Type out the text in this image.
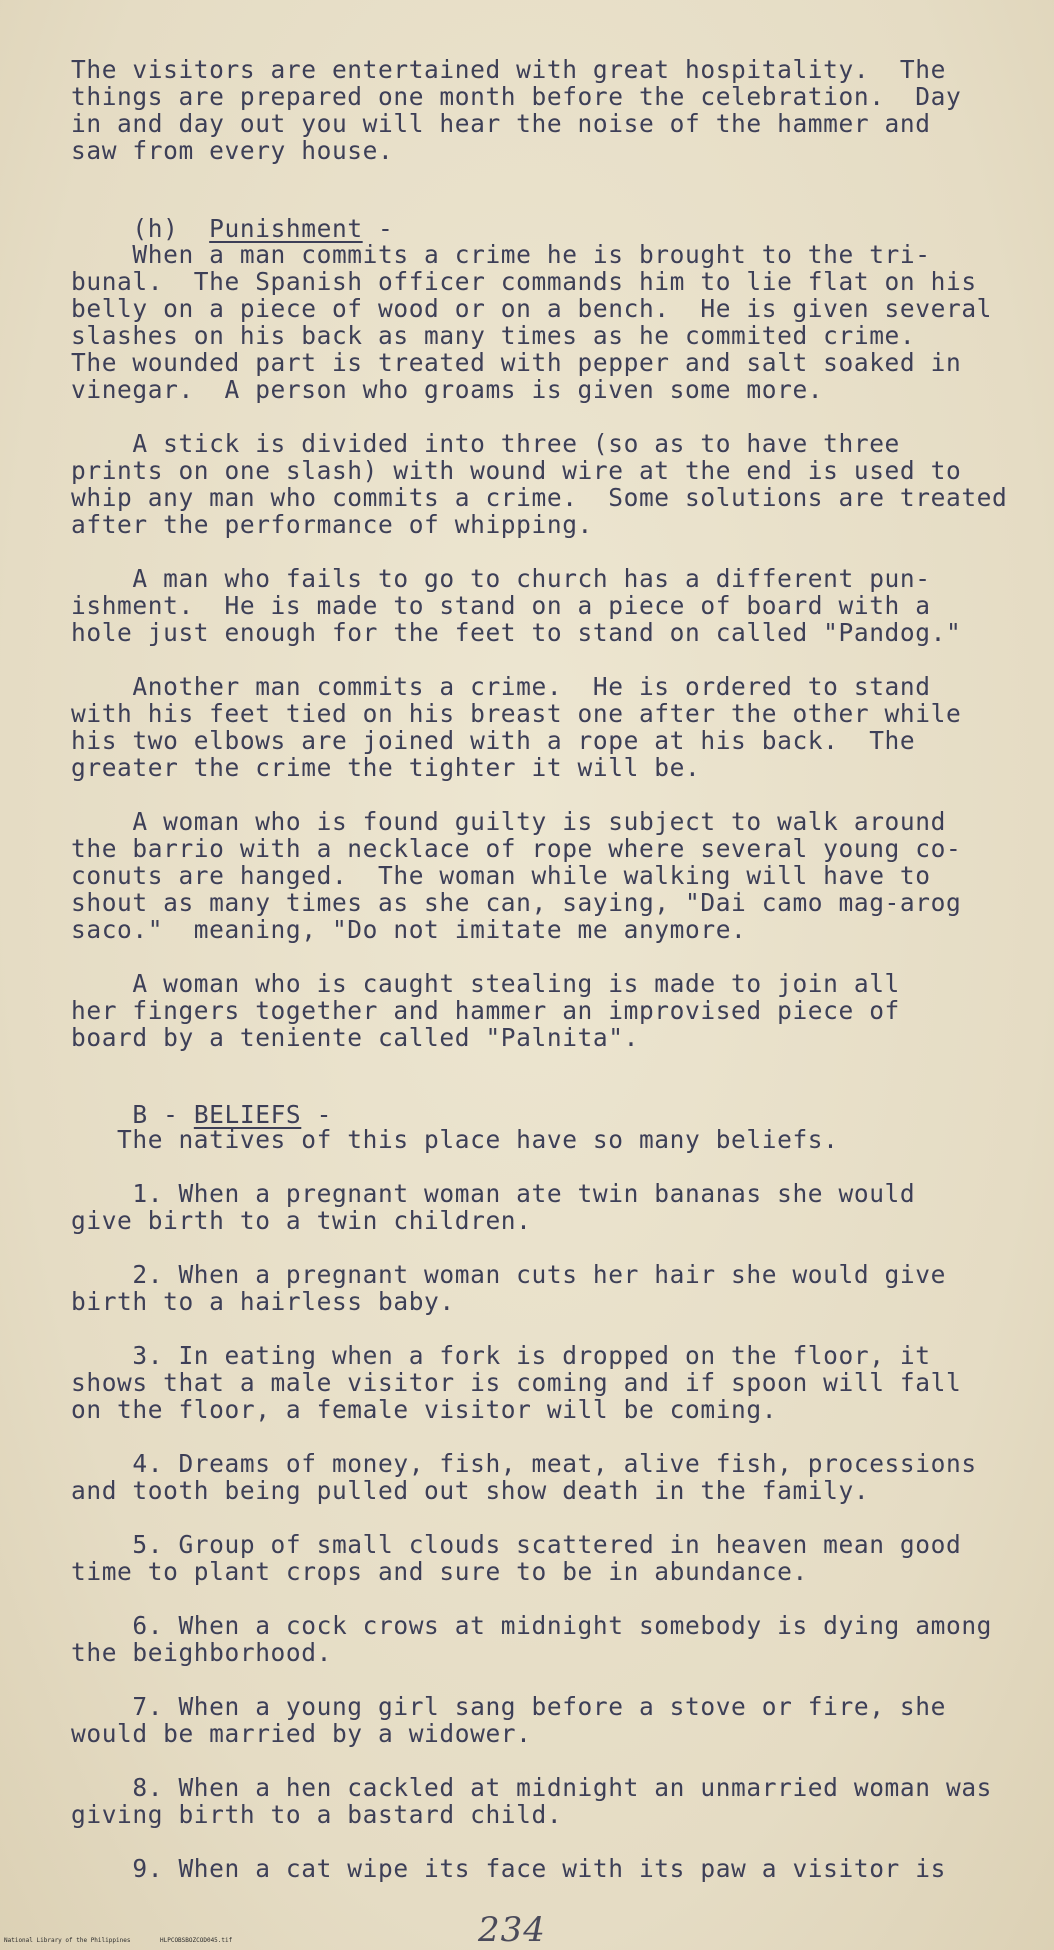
The visitors are entertained with great hospitality.  The
things are prepared one month before the celebration.  Day
in and day out you will hear the noise of the hammer and
saw from every house.

(h) Punishment -

When a man commits a crime he is brought to the tri-
bunal.  The Spanish officer commands him to lie flat on his
belly on a piece of wood or on a bench.  He is given several
slashes on his back as many times as he commited crime.
The wounded part is treated with pepper and salt soaked in
vinegar.  A person who groams is given some more.
A stick is divided into three (so as to have three
prints on one slash) with wound wire at the end is used to
whip any man who commits a crime.  Some solutions are treated
after the performance of whipping.
A man who fails to go to church has a different pun-
ishment.  He is made to stand on a piece of board with a
hole just enough for the feet to stand on called "Pandog."
Another man commits a crime.  He is ordered to stand
with his feet tied on his breast one after the other while
his two elbows are joined with a rope at his back.  The
greater the crime the tighter it will be.
A woman who is found guilty is subject to walk around
the barrio with a necklace of rope where several young co-
conuts are hanged.  The woman while walking will have to
shout as many times as she can, saying, "Dai camo mag-arog
saco."  meaning, "Do not imitate me anymore.
A woman who is caught stealing is made to join all
her fingers together and hammer an improvised piece of
board by a teniente called "Palnita".

B - BELIEFS -

The natives of this place have so many beliefs.
1. When a pregnant woman ate twin bananas she would
give birth to a twin children.
2. When a pregnant woman cuts her hair she would give
birth to a hairless baby.
3. In eating when a fork is dropped on the floor, it
shows that a male visitor is coming and if spoon will fall
on the floor, a female visitor will be coming.
4. Dreams of money, fish, meat, alive fish, processions
and tooth being pulled out show death in the family.
5. Group of small clouds scattered in heaven mean good
time to plant crops and sure to be in abundance.
6. When a cock crows at midnight somebody is dying among
the beighborhood.
7. When a young girl sang before a stove or fire, she
would be married by a widower.
8. When a hen cackled at midnight an unmarried woman was
giving birth to a bastard child.
9. When a cat wipe its face with its paw a visitor is
234
National Library of the Philippines	HLPCOBSBOZCOD045.tif
